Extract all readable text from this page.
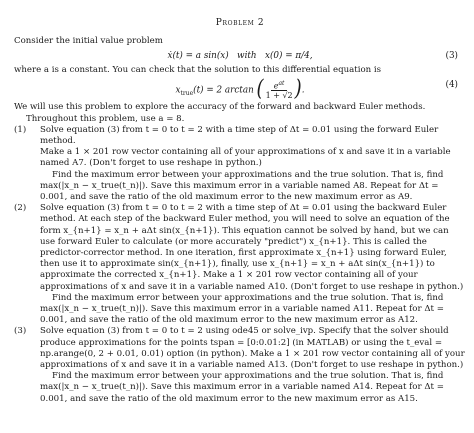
Problem 2

Consider the initial value problem

ẋ(t) = a sin(x)   with   x(0) = π/4,	(3)

where a is a constant. You can check that the solution to this differential equation is

$x_{true}(t) = 2$ arctan ( $\frac{e^{at}}{1 + √2}$ ).	(4)

We will use this problem to explore the accuracy of the forward and backward Euler methods.

Throughout this problem, use a = 8.

(1)	Solve equation (3) from t = 0 to t = 2 with a time step of Δt = 0.01 using the forward Euler method.

Make a 1 × 201 row vector containing all of your approximations of x and save it in a variable named A7. (Don't forget to use reshape in python.)

Find the maximum error between your approximations and the true solution. That is, find max(|x_n − x_true(t_n)|). Save this maximum error in a variable named A8. Repeat for Δt = 0.001, and save the ratio of the old maximum error to the new maximum error as A9.

(2)	Solve equation (3) from t = 0 to t = 2 with a time step of Δt = 0.01 using the backward Euler method. At each step of the backward Euler method, you will need to solve an equation of the form x_{n+1} = x_n + aΔt sin(x_{n+1}). This equation cannot be solved by hand, but we can use forward Euler to calculate (or more accurately "predict") x_{n+1}. This is called the predictor-corrector method. In one iteration, first approximate x_{n+1} using forward Euler, then use it to approximate sin(x_{n+1}), finally, use x_{n+1} = x_n + aΔt sin(x_{n+1}) to approximate the corrected x_{n+1}. Make a 1 × 201 row vector containing all of your approximations of x and save it in a variable named A10. (Don't forget to use reshape in python.)

Find the maximum error between your approximations and the true solution. That is, find max(|x_n − x_true(t_n)|). Save this maximum error in a variable named A11. Repeat for Δt = 0.001, and save the ratio of the old maximum error to the new maximum error as A12.

(3)	Solve equation (3) from t = 0 to t = 2 using ode45 or solve_ivp. Specify that the solver should produce approximations for the points tspan = [0:0.01:2] (in MATLAB) or using the t_eval = np.arange(0, 2 + 0.01, 0.01) option (in python). Make a 1 × 201 row vector containing all of your approximations of x and save it in a variable named A13. (Don't forget to use reshape in python.)

Find the maximum error between your approximations and the true solution. That is, find max(|x_n − x_true(t_n)|). Save this maximum error in a variable named A14. Repeat for Δt = 0.001, and save the ratio of the old maximum error to the new maximum error as A15.
